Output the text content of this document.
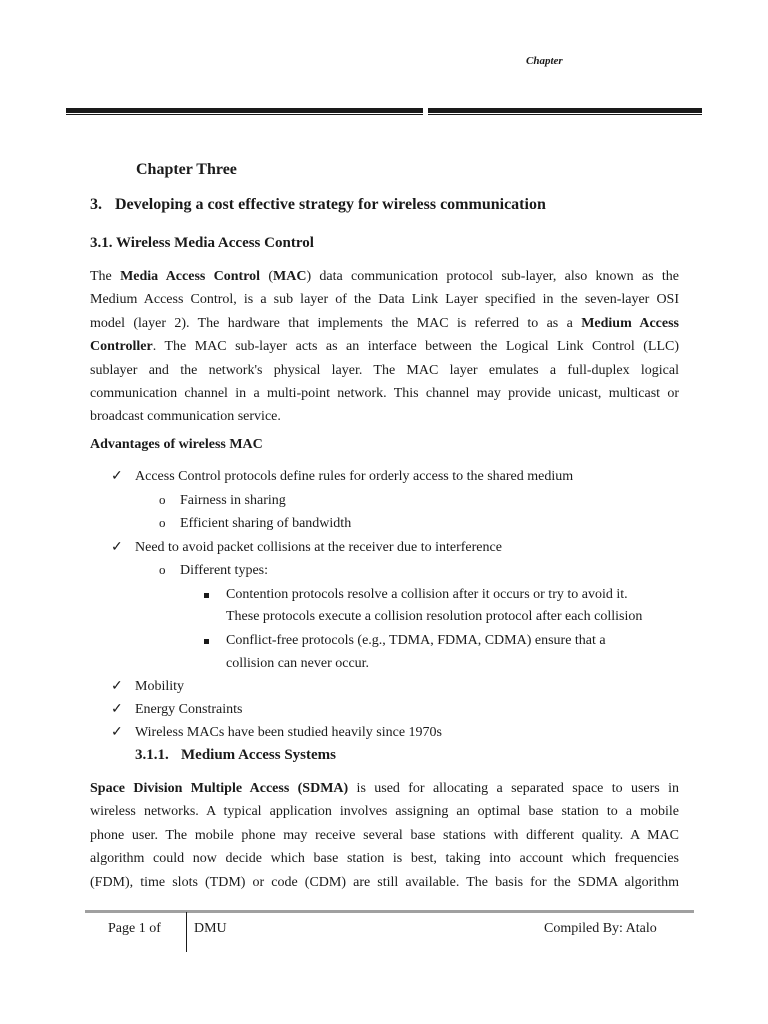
Chapter
Chapter Three
3. Developing a cost effective strategy for wireless communication
3.1. Wireless Media Access Control
The Media Access Control (MAC) data communication protocol sub-layer, also known as the
Medium Access Control, is a sub layer of the Data Link Layer specified in the seven-layer OSI
model (layer 2). The hardware that implements the MAC is referred to as a Medium Access
Controller. The MAC sub-layer acts as an interface between the Logical Link Control (LLC)
sublayer and the network's physical layer. The MAC layer emulates a full-duplex logical
communication channel in a multi-point network. This channel may provide unicast, multicast or
broadcast communication service.
Advantages of wireless MAC
✓ Access Control protocols define rules for orderly access to the shared medium
o Fairness in sharing
o Efficient sharing of bandwidth
✓ Need to avoid packet collisions at the receiver due to interference
o Different types:
Contention protocols resolve a collision after it occurs or try to avoid it.
These protocols execute a collision resolution protocol after each collision
Conflict-free protocols (e.g., TDMA, FDMA, CDMA) ensure that a
collision can never occur.
✓ Mobility
✓ Energy Constraints
✓ Wireless MACs have been studied heavily since 1970s
3.1.1. Medium Access Systems
Space Division Multiple Access (SDMA) is used for allocating a separated space to users in
wireless networks. A typical application involves assigning an optimal base station to a mobile
phone user. The mobile phone may receive several base stations with different quality. A MAC
algorithm could now decide which base station is best, taking into account which frequencies
(FDM), time slots (TDM) or code (CDM) are still available. The basis for the SDMA algorithm
Page 1 of DMU	Compiled By: Atalo
